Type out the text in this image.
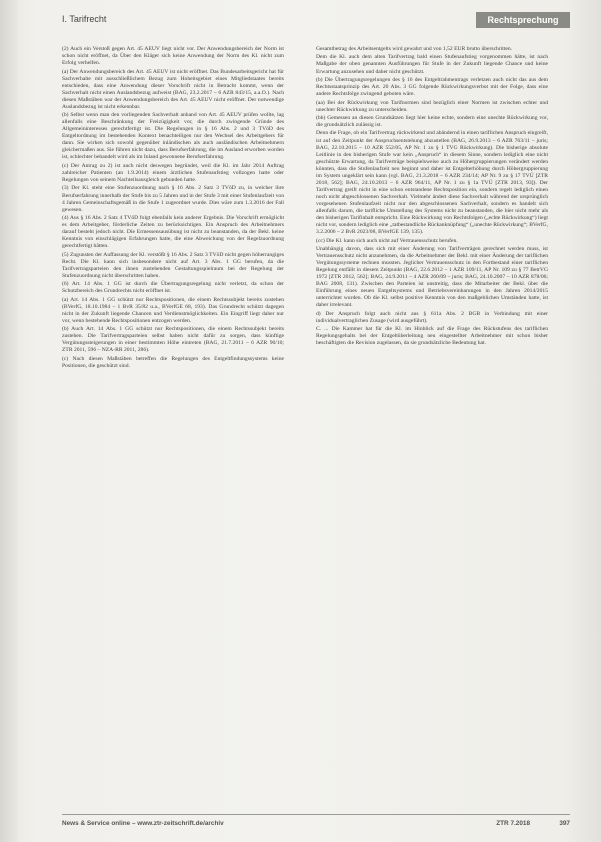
I. Tarifrecht	Rechtsprechung

(2) Auch ein Verstoß gegen Art. 45 AEUV liegt nicht vor. Der Anwendungsbereich der Norm ist schon nicht eröffnet, da Über den Kläger sich keine Anwendung der Norm des Kl. nicht zum Erfolg verhelfen.

(a) Der Anwendungsbereich des Art. 45 AEUV ist nicht eröffnet. Das Bundesarbeitsgericht hat für Sachverhalte mit ausschließlichem Bezug zum Hoheitsgebiet eines Mitgliedstaates bereits entschieden, dass eine Anwendung dieser Vorschrift nicht in Betracht kommt, wenn der Sachverhalt nicht einen Auslandsbezug aufweist (BAG, 23.2.2017 – 6 AZR 843/15, a.a.O.). Nach diesen Maßstäben war der Anwendungsbereich des Art. 45 AEUV nicht eröffnet. Der notwendige Auslandsbezug ist nicht erkennbar.

(b) Selbst wenn man den vorliegenden Sachverhalt anhand von Art. 45 AEUV prüfen wollte, lag allenfalls eine Beschränkung der Freizügigkeit vor, die durch zwingende Gründe des Allgemeininteresses gerechtfertigt ist. Die Regelungen in § 16 Abs. 2 und 3 TVöD des Entgeltordnung im bestehenden Kontext benachteiligen nur den Wechsel des Arbeitgebers für dann. Sie wirken sich sowohl gegenüber inländischen als auch ausländischen Arbeitnehmern gleichermaßen aus. Sie führen nicht dazu, dass Berufserfahrung, die im Ausland erworben worden ist, schlechter behandelt wird als im Inland gewonnene Berufserfahrung.

(c) Der Antrag zu 2) ist auch nicht deswegen begründet, weil die Kl. im Jahr 2014 Auftrag zahlreicher Patienten (an 1.9.2014) einem ärztlichen Stufenaufstieg vollzogen hatte oder Regelungen von seinem Nachteilsausgleich gebunden hatte.

(3) Der Kl. steht eine Stufenzuordnung nach § 16 Abs. 2 Satz 3 TVöD zu, in welcher ihre Berufserfahrung innerhalb der Stufe bis zu 5 Jahren und in der Stufe 3 mit einer Stufenlaufzeit von 4 Jahren Gemeinschaftsgemäß in die Stufe 1 zugeordnet wurde. Dies wäre zum 1.3.2016 der Fall gewesen.

(4) Aus § 16 Abs. 2 Satz 4 TVöD folgt ebenfalls kein anderer Ergebnis. Die Vorschrift ermöglicht es dem Arbeitgeber, förderliche Zeiten zu berücksichtigen. Ein Anspruch des Arbeitnehmers darauf besteht jedoch nicht. Die Ermessensausübung ist nicht zu beanstanden, da der Bekl. keine Kenntnis von einschlägigen Erfahrungen hatte, die eine Abweichung von der Regelzuordnung gerechtfertigt hätten.

(5) Zugunsten der Auffassung der Kl. verstößt § 16 Abs. 2 Satz 3 TVöD nicht gegen höherrangiges Recht. Die Kl. kann sich insbesondere nicht auf Art. 3 Abs. 1 GG berufen, da die Tarifvertragsparteien den ihnen zustehenden Gestaltungsspielraum bei der Regelung der Stufenzuordnung nicht überschritten haben.

(6) Art. 14 Abs. 1 GG ist durch die Übertragungsregelung nicht verletzt, da schon der Schutzbereich des Grundrechts nicht eröffnet ist.

(a) Art. 14 Abs. 1 GG schützt nur Rechtspositionen, die einem Rechtssubjekt bereits zustehen (BVerfG, 18.10.1984 – 1 BvR 35/82 u.a., BVerfGE 68, 193). Das Grundrecht schützt dagegen nicht in der Zukunft liegende Chancen und Verdienstmöglichkeiten. Ein Eingriff liegt daher nur vor, wenn bestehende Rechtspositionen entzogen werden.

(b) Auch Art. 14 Abs. 1 GG schützt nur Rechtspositionen, die einem Rechtssubjekt bereits zustehen. Die Tarifvertragsparteien selbst haben nicht dafür zu sorgen, dass künftige Vergütungssteigerungen in einer bestimmten Höhe eintreten (BAG, 21.7.2011 – 6 AZR 90/10; ZTR 2011, 596 – NZA-RR 2011, 286).

(c) Nach diesen Maßstäben betreffen die Regelungen des Entgeltfindungssystems keine Positionen, die geschützt sind.

Gesamtbetrag des Arbeitsentgelts wird gewahrt und von 1,52 EUR brutto überschritten.

Dem die Kl. auch dem alten Tarifvertrag bald einen Stufenaufstieg vorgenommen hätte, ist nach Maßgabe der oben genannten Ausführungen für Stufe in der Zukunft liegende Chance und keine Erwartung anzusehen und daher nicht geschützt.

(b) Die Übertragungsregelungen des § 16 des Entgeltrahmentrags verletzen auch nicht das aus dem Rechtsstaatsprinzip des Art. 20 Abs. 3 GG folgende Rückwirkungsverbot mit der Folge, dass eine andere Rechtsfolge zwingend geboten wäre.

(aa) Bei der Rückwirkung von Tarifnormen sind bezüglich einer Normen ist zwischen echter und unechter Rückwirkung zu unterscheiden.

(bb) Gemessen an diesen Grundsätzen liegt hier keine echte, sondern eine unechte Rückwirkung vor, die grundsätzlich zulässig ist.

Denn die Frage, ob ein Tarifvertrag rückwirkend und abändernd in einen tariflichen Anspruch eingreift, ist auf den Zeitpunkt der Anspruchsentstehung abzustellen (BAG, 26.9.2013 – 6 AZR 763/11 – juris; BAG, 22.10.2015 – 10 AZR 552/05, AP Nr. 1 zu § 1 TVG Rückwirkung). Die bisherige absolute Leitlinie in den bisherigen Stufe war kein „Anspruch“ in diesem Sinne, sondern lediglich eine nicht geschützte Erwartung, da Tarifverträge beispielsweise auch zu Höhergruppierungen verändert werden könnten, dass die Stufenlaufzeit neu beginnt und daher ist Entgelterhöhung durch Höhergruppierung im System ungeklärt sein kann (vgl. BAG, 21.3.2018 – 6 AZR 234/14; AP Nr. 9 zu § 17 TVÜ [ZTR 2018, 562]; BAG, 24.10.2013 – 6 AZR 964/11, AP Nr. 1 zu § 1a TVÜ [ZTR 2013, 93]). Der Tarifvertrag greift nicht in eine schon entstandene Rechtsposition ein, sondern regelt lediglich einen noch nicht abgeschlossenen Sachverhalt. Vielmehr ändert diese Sachverhalt während der ursprünglich vorgesehenen Stufenlaufzeit nicht nur den abgeschlossenen Sachverhalt, sondern es handelt sich allenfalls darum, die tarifliche Umstellung des Systems nicht zu beanstanden, die hier nicht mehr als den bisherigen Tarifinhalt entspricht. Eine Rückwirkung von Rechtsfolgen („echte Rückwirkung“) liegt nicht vor, sondern lediglich eine „tatbestandliche Rückanknüpfung“ („unechte Rückwirkung“; BVerfG, 3.2.2006 – 2 BvR 2023/08, BVerfGE 139, 135).

(cc) Die Kl. kann sich auch nicht auf Vertrauensschutz berufen.

Unabhängig davon, dass sich mit einer Änderung von Tarifverträgen gerechnet werden muss, ist Vertrauensschutz nicht anzunehmen, da die Arbeitnehmer der Bekl. mit einer Änderung der tariflichen Vergütungssysteme rechnen mussten. Jeglicher Vertrauensschutz in den Fortbestand einer tariflichen Regelung entfällt in diesem Zeitpunkt (BAG, 22.6.2012 – 1 AZR 109/11, AP Nr. 109 zu § 77 BetrVG 1972 [ZTR 2012, 562]; BAG, 24.9.2011 – 4 AZR 260/09 – juris; BAG, 24.10.2007 – 10 AZR 878/06; BAG 2008, 131). Zwischen den Parteien ist unstreitig, dass die Mitarbeiter der Bekl. über die Einführung eines neuen Entgeltsystems und Betriebsvereinbarungen in den Jahren 2014/2015 unterrichtet wurden. Ob die Kl. selbst positive Kenntnis von den maßgeblichen Umständen hatte, ist daher irrelevant.

d) Der Anspruch folgt auch nicht aus § 611a Abs. 2 BGB in Verbindung mit einer individualvertraglichen Zusage (wird ausgeführt).

C. ... Die Kammer hat für die Kl. im Hinblick auf die Frage des Rückstufens des tariflichen Regelungsgehalts bei der Entgeltüberleitung neu eingestellter Arbeitnehmer mit schon bisher beschäftigten die Revision zugelassen, da sie grundsätzliche Bedeutung hat.

News & Service online – www.ztr-zeitschrift.de/archiv	ZTR 7.2018	397
